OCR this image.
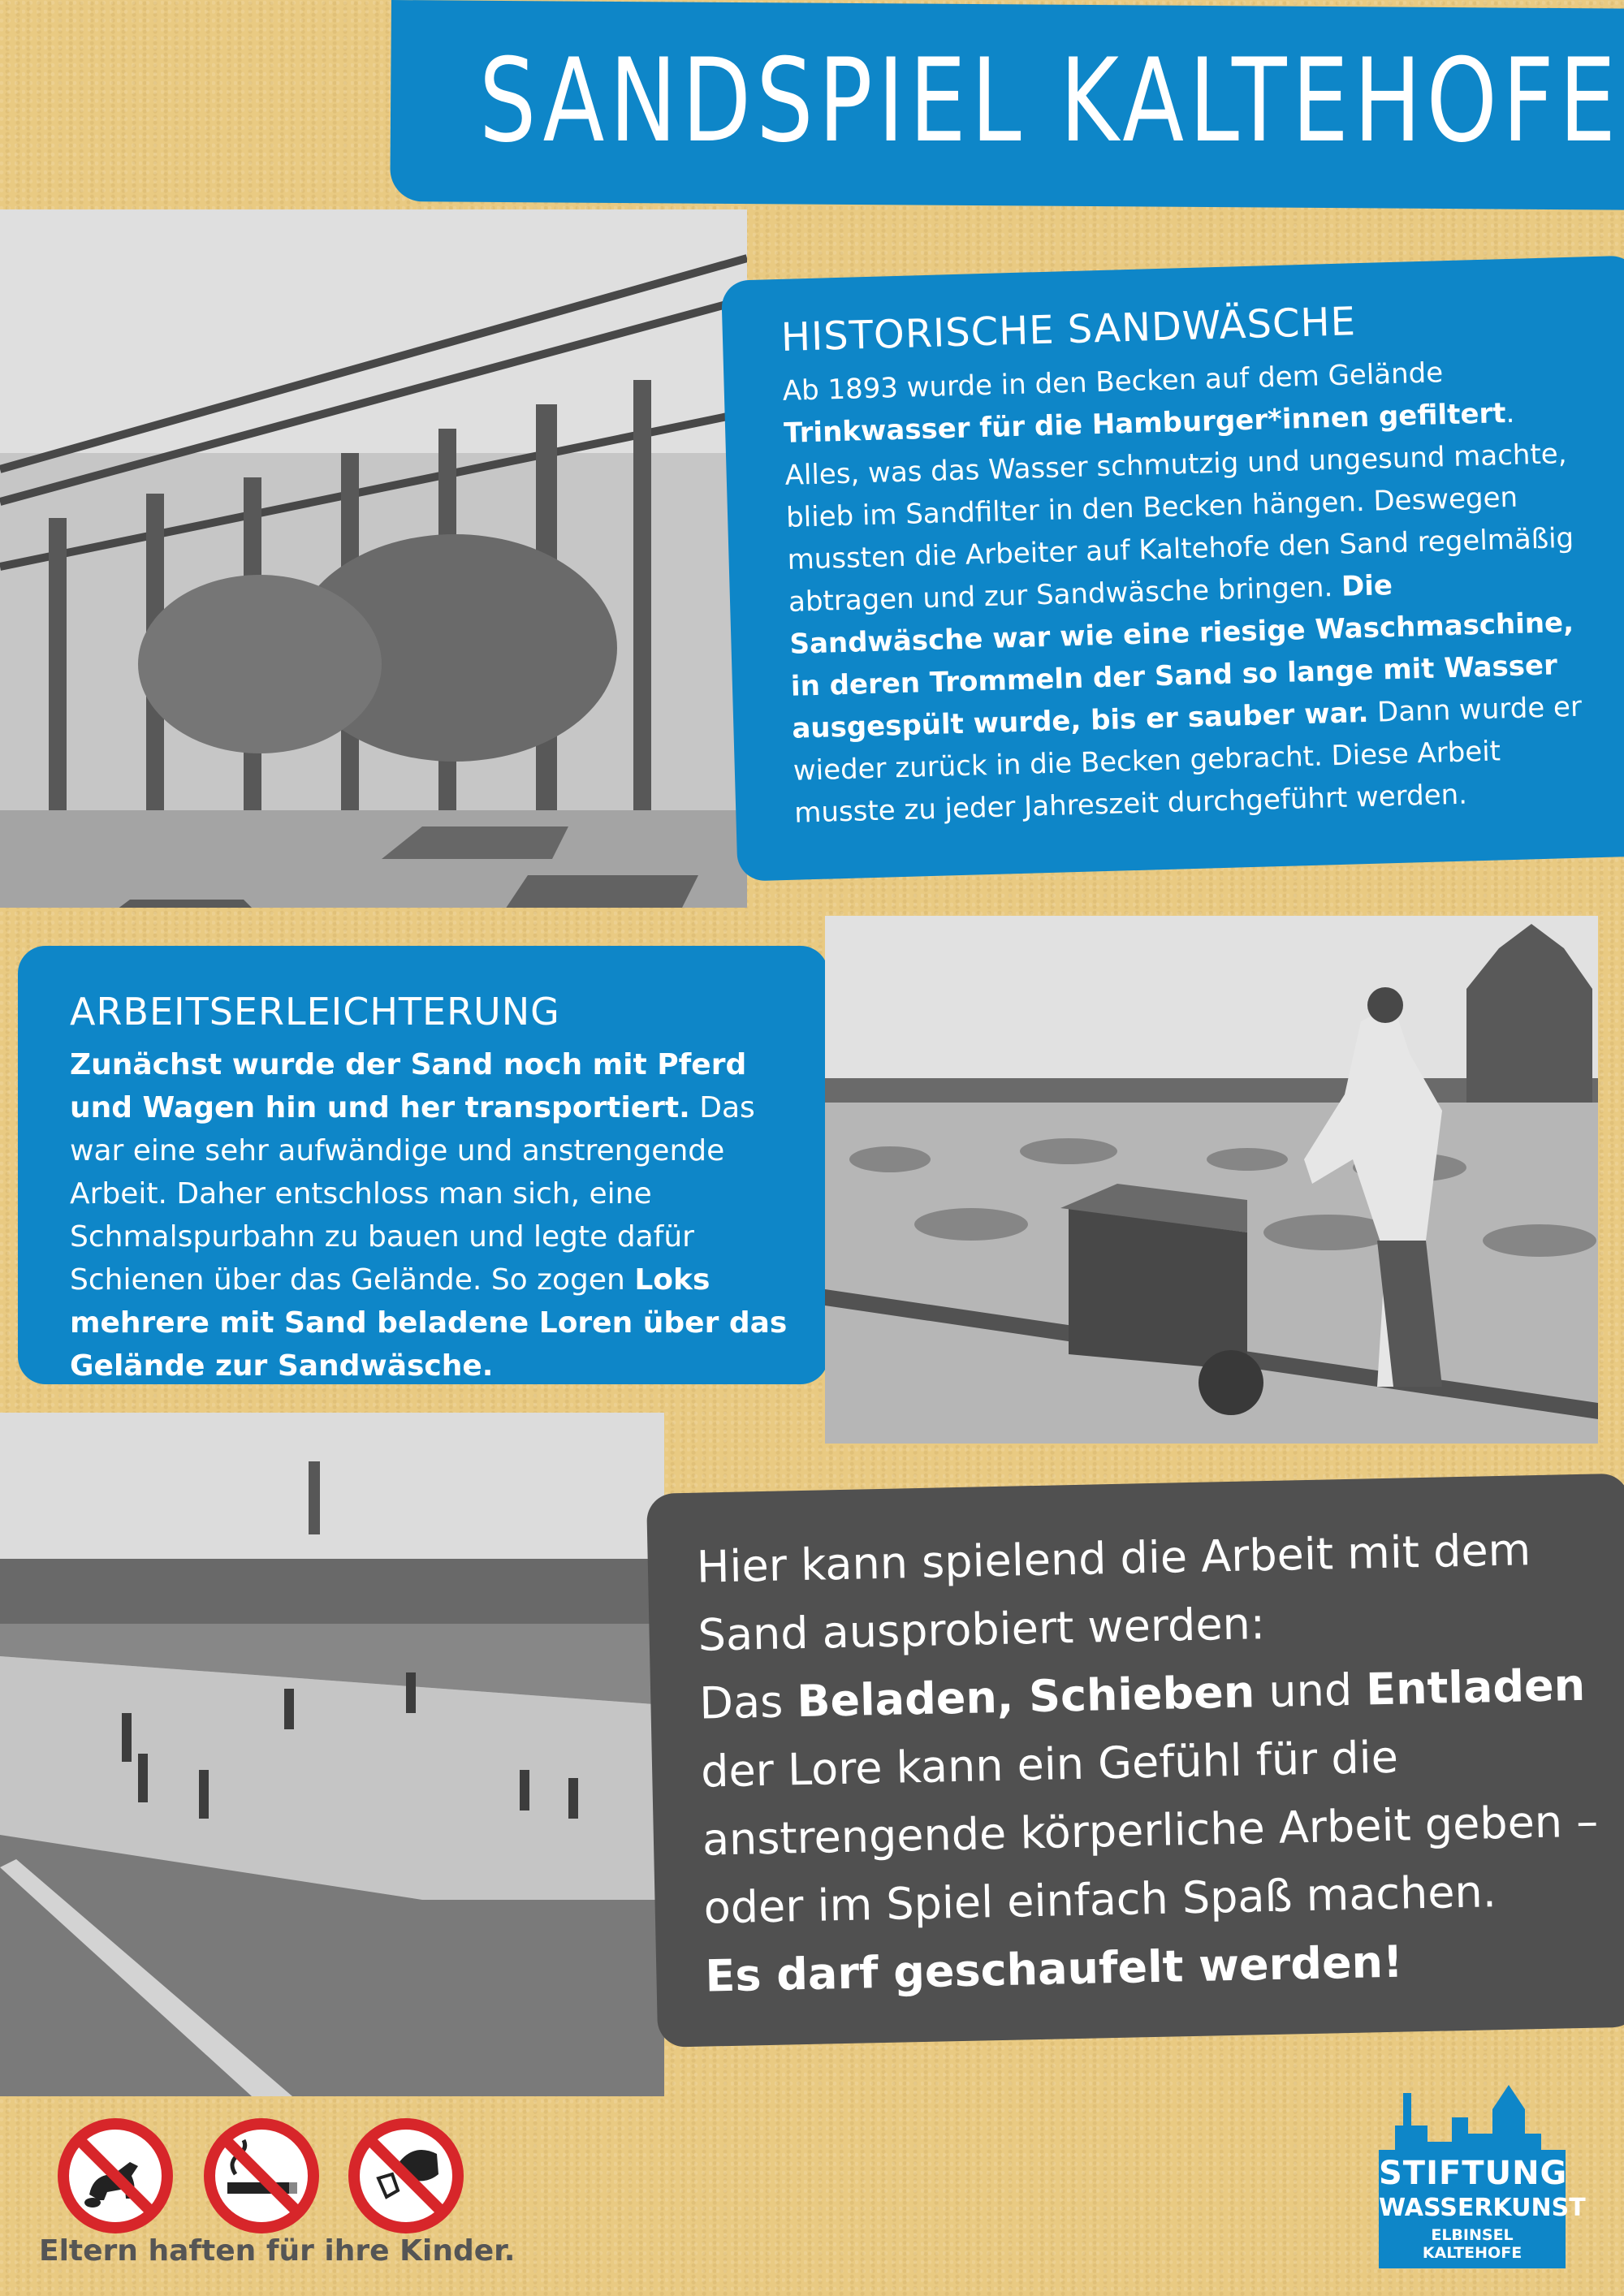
SANDSPIEL KALTEHOFE
HISTORISCHE SANDWÄSCHE
Ab 1893 wurde in den Becken auf dem Gelände Trinkwasser für die Hamburger*innen gefiltert. Alles, was das Wasser schmutzig und ungesund machte, blieb im Sandfilter in den Becken hängen. Deswegen mussten die Arbeiter auf Kaltehofe den Sand regelmäßig abtragen und zur Sandwäsche bringen. Die Sandwäsche war wie eine riesige Waschmaschine, in deren Trommeln der Sand so lange mit Wasser ausgespült wurde, bis er sauber war. Dann wurde er wieder zurück in die Becken gebracht. Diese Arbeit musste zu jeder Jahreszeit durchgeführt werden.
ARBEITSERLEICHTERUNG
Zunächst wurde der Sand noch mit Pferd und Wagen hin und her transportiert. Das war eine sehr aufwändige und anstrengende Arbeit. Daher entschloss man sich, eine Schmalspurbahn zu bauen und legte dafür Schienen über das Gelände. So zogen Loks mehrere mit Sand beladene Loren über das Gelände zur Sandwäsche.
Hier kann spielend die Arbeit mit dem Sand ausprobiert werden:
Das Beladen, Schieben und Entladen der Lore kann ein Gefühl für die anstrengende körperliche Arbeit geben – oder im Spiel einfach Spaß machen.
Es darf geschaufelt werden!
Eltern haften für ihre Kinder.
STIFTUNG
WASSERKUNST
ELBINSEL KALTEHOFE
